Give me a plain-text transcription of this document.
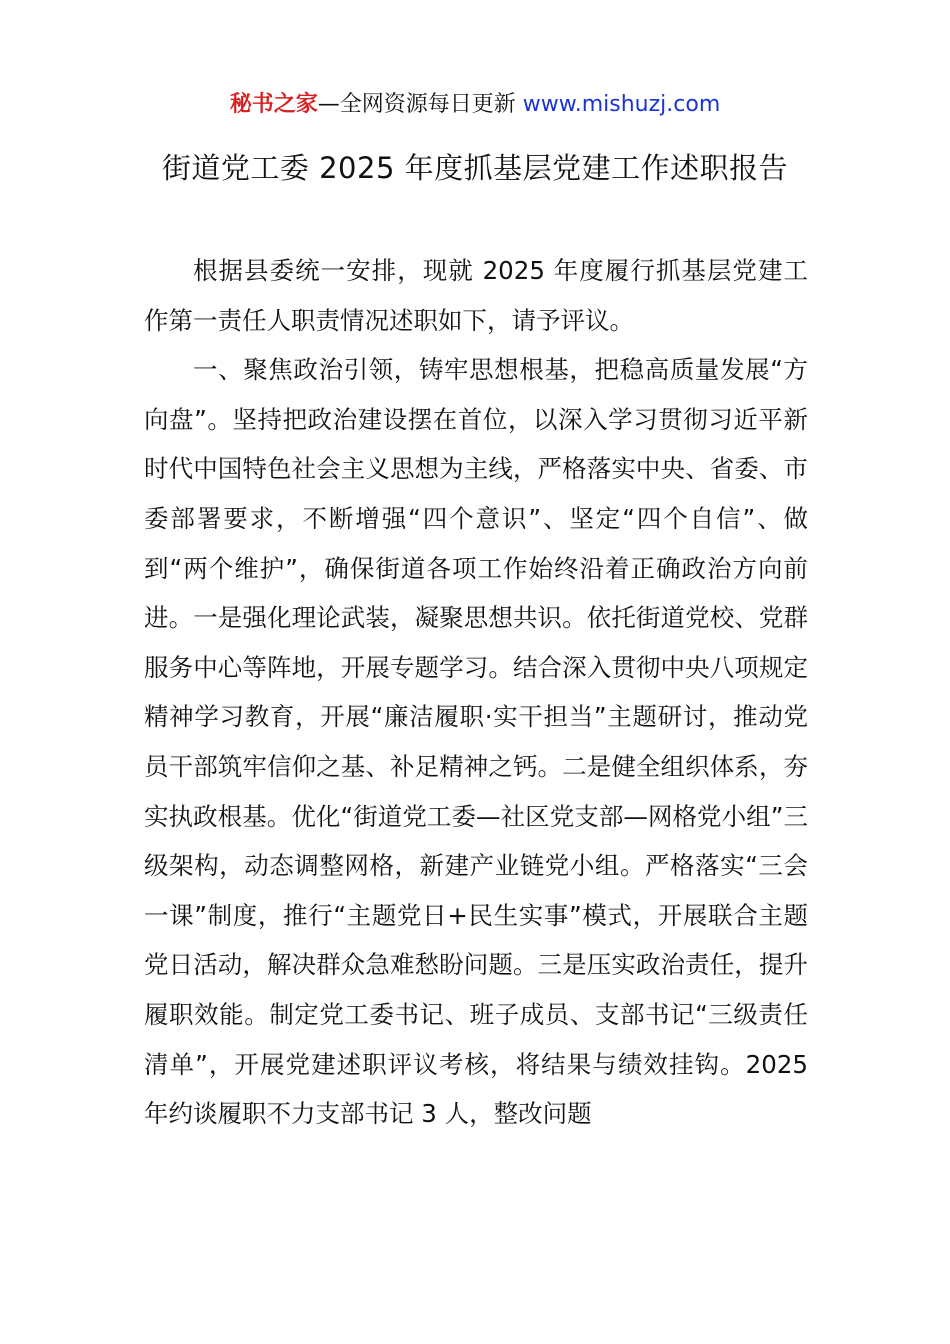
秘书之家—全网资源每日更新 www.mishuzj.com
街道党工委 2025 年度抓基层党建工作述职报告

根据县委统一安排，现就 2025 年度履行抓基层党建工作第一责任人职责情况述职如下，请予评议。

一、聚焦政治引领，铸牢思想根基，把稳高质量发展“方向盘”。坚持把政治建设摆在首位，以深入学习贯彻习近平新时代中国特色社会主义思想为主线，严格落实中央、省委、市委部署要求，不断增强“四个意识”、坚定“四个自信”、做到“两个维护”，确保街道各项工作始终沿着正确政治方向前进。一是强化理论武装，凝聚思想共识。依托街道党校、党群服务中心等阵地，开展专题学习。结合深入贯彻中央八项规定精神学习教育，开展“廉洁履职·实干担当”主题研讨，推动党员干部筑牢信仰之基、补足精神之钙。二是健全组织体系，夯实执政根基。优化“街道党工委—社区党支部—网格党小组”三级架构，动态调整网格，新建产业链党小组。严格落实“三会一课”制度，推行“主题党日+民生实事”模式，开展联合主题党日活动，解决群众急难愁盼问题。三是压实政治责任，提升履职效能。制定党工委书记、班子成员、支部书记“三级责任清单”，开展党建述职评议考核，将结果与绩效挂钩。2025 年约谈履职不力支部书记 3 人，整改问题
